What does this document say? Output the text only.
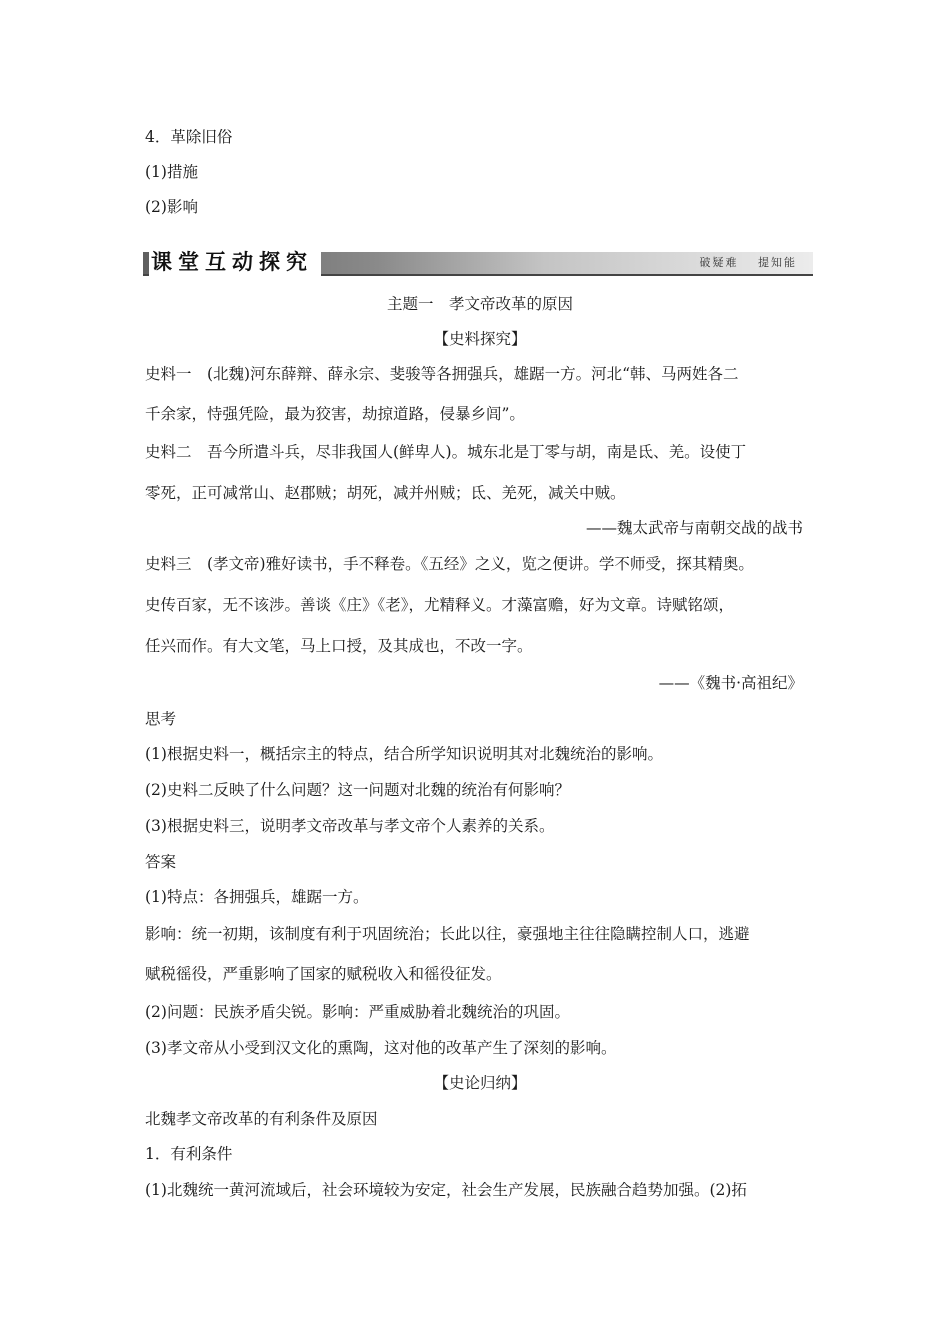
4．革除旧俗
(1)措施
(2)影响
课堂互动探究	破疑难 提知能
主题一　孝文帝改革的原因
【史料探究】
史料一　(北魏)河东薛辩、薛永宗、斐骏等各拥强兵，雄踞一方。河北“韩、马两姓各二
千余家，恃强凭险，最为狡害，劫掠道路，侵暴乡闾”。
史料二　吾今所遣斗兵，尽非我国人(鲜卑人)。城东北是丁零与胡，南是氐、羌。设使丁
零死，正可减常山、赵郡贼；胡死，减并州贼；氐、羌死，减关中贼。
——魏太武帝与南朝交战的战书
史料三　(孝文帝)雅好读书，手不释卷。《五经》之义，览之便讲。学不师受，探其精奥。
史传百家，无不该涉。善谈《庄》《老》，尤精释义。才藻富赡，好为文章。诗赋铭颂，
任兴而作。有大文笔，马上口授，及其成也，不改一字。
——《魏书·高祖纪》
思考
(1)根据史料一，概括宗主的特点，结合所学知识说明其对北魏统治的影响。
(2)史料二反映了什么问题？这一问题对北魏的统治有何影响？
(3)根据史料三，说明孝文帝改革与孝文帝个人素养的关系。
答案
(1)特点：各拥强兵，雄踞一方。
影响：统一初期，该制度有利于巩固统治；长此以往，豪强地主往往隐瞒控制人口，逃避
赋税徭役，严重影响了国家的赋税收入和徭役征发。
(2)问题：民族矛盾尖锐。影响：严重威胁着北魏统治的巩固。
(3)孝文帝从小受到汉文化的熏陶，这对他的改革产生了深刻的影响。
【史论归纳】
北魏孝文帝改革的有利条件及原因
1．有利条件
(1)北魏统一黄河流域后，社会环境较为安定，社会生产发展，民族融合趋势加强。(2)拓
